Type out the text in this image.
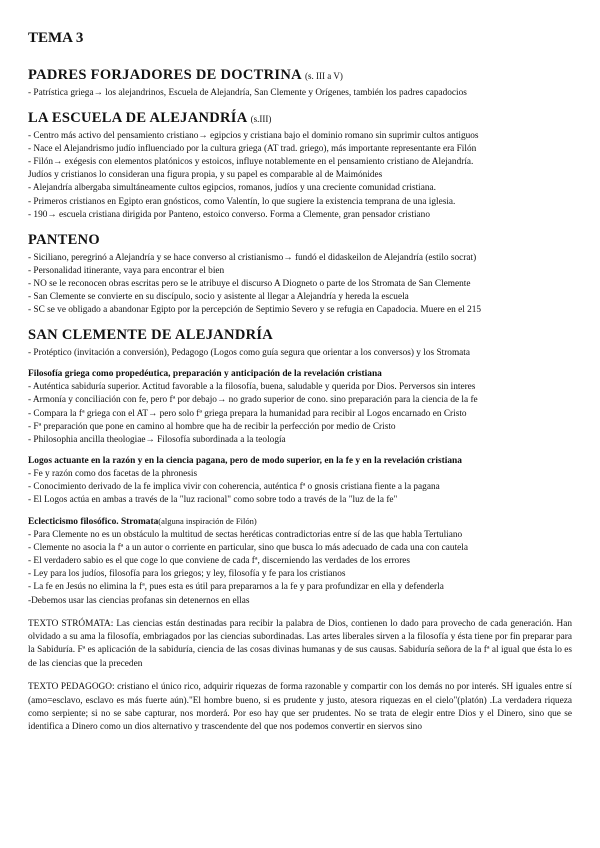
TEMA 3
PADRES FORJADORES DE DOCTRINA (s. III a V)

- Patrística griega→ los alejandrinos, Escuela de Alejandría, San Clemente y Orígenes, también los padres capadocios

LA ESCUELA DE ALEJANDRÍA (s.III)

- Centro más activo del pensamiento cristiano→ egipcios y cristiana bajo el dominio romano sin suprimir cultos antiguos

- Nace el Alejandrismo judío influenciado por la cultura griega (AT trad. griego), más importante representante era Filón

- Filón→ exégesis con elementos platónicos y estoicos, influye notablemente en el pensamiento cristiano de Alejandría.

Judíos y cristianos lo consideran una figura propia, y su papel es comparable al de Maimónides

- Alejandría albergaba simultáneamente cultos egipcios, romanos, judíos y una creciente comunidad cristiana.

- Primeros cristianos en Egipto eran gnósticos, como Valentín, lo que sugiere la existencia temprana de una iglesia.

- 190→ escuela cristiana dirigida por Panteno, estoico converso. Forma a Clemente, gran pensador cristiano

PANTENO

- Siciliano, peregrinó a Alejandría y se hace converso al cristianismo→ fundó el didaskeilon de Alejandría (estilo socrat)

- Personalidad itinerante, vaya para encontrar el bien

- NO se le reconocen obras escritas pero se le atribuye el discurso A Diogneto o parte de los Stromata de San Clemente

- San Clemente se convierte en su discípulo, socio y asistente al llegar a Alejandría y hereda la escuela

- SC se ve obligado a abandonar Egipto por la percepción de Septimio Severo y se refugia en Capadocia. Muere en el 215

SAN CLEMENTE DE ALEJANDRÍA

- Protéptico (invitación a conversión), Pedagogo (Logos como guía segura que orientar a los conversos) y los Stromata

Filosofía griega como propedéutica, preparación y anticipación de la revelación cristiana

- Auténtica sabiduría superior. Actitud favorable a la filosofía, buena, saludable y querida por Dios. Perversos sin interes

- Armonía y conciliación con fe, pero fª por debajo→ no grado superior de cono. sino preparación para la ciencia de la fe

- Compara la fª griega con el AT→ pero solo fª griega prepara la humanidad para recibir al Logos encarnado en Cristo

- Fª preparación que pone en camino al hombre que ha de recibir la perfección por medio de Cristo

- Philosophia ancilla theologiae→ Filosofía subordinada a la teología

Logos actuante en la razón y en la ciencia pagana, pero de modo superior, en la fe y en la revelación cristiana

- Fe y razón como dos facetas de la phronesis

- Conocimiento derivado de la fe implica vivir con coherencia, auténtica fª o gnosis cristiana fiente a la pagana

- El Logos actúa en ambas a través de la "luz racional" como sobre todo a través de la "luz de la fe"

Eclecticismo filosófico. Stromata(alguna inspiración de Filón)

- Para Clemente no es un obstáculo la multitud de sectas heréticas contradictorias entre sí de las que habla Tertuliano

- Clemente no asocia la fª a un autor o corriente en particular, sino que busca lo más adecuado de cada una con cautela

- El verdadero sabio es el que coge lo que conviene de cada fª, discerniendo las verdades de los errores

- Ley para los judíos, filosofía para los griegos; y ley, filosofía y fe para los cristianos

- La fe en Jesús no elimina la fª, pues esta es útil para prepararnos a la fe y para profundizar en ella y defenderla

-Debemos usar las ciencias profanas sin detenernos en ellas

TEXTO STRÓMATA: Las ciencias están destinadas para recibir la palabra de Dios, contienen lo dado para provecho de cada generación. Han olvidado a su ama la filosofía, embriagados por las ciencias subordinadas. Las artes liberales sirven a la filosofía y ésta tiene por fin preparar para la Sabiduría. Fª es aplicación de la sabiduría, ciencia de las cosas divinas humanas y de sus causas. Sabiduría señora de la fª al igual que ésta lo es de las ciencias que la preceden

TEXTO PEDAGOGO: cristiano el único rico, adquirir riquezas de forma razonable y compartir con los demás no por interés. SH iguales entre sí (amo=esclavo, esclavo es más fuerte aún)."El hombre bueno, si es prudente y justo, atesora riquezas en el cielo"(platón) .La verdadera riqueza como serpiente; si no se sabe capturar, nos morderá. Por eso hay que ser prudentes. No se trata de elegir entre Dios y el Dinero, sino que se identifica a Dinero como un dios alternativo y trascendente del que nos podemos convertir en siervos sino
